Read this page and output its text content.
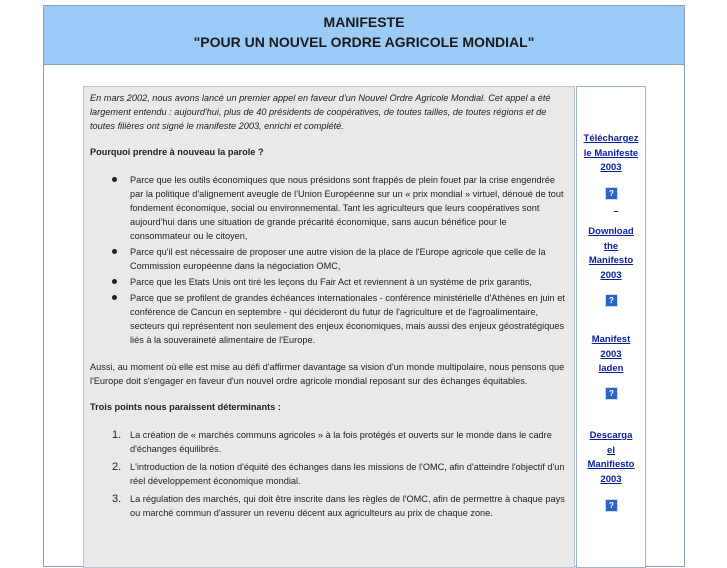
MANIFESTE
"POUR UN NOUVEL ORDRE AGRICOLE MONDIAL"

En mars 2002, nous avons lancé un premier appel en faveur d'un Nouvel Ordre Agricole Mondial. Cet appel a été largement entendu : aujourd'hui, plus de 40 présidents de coopératives, de toutes tailles, de toutes régions et de toutes filières ont signé le manifeste 2003, enrichi et complété.

Pourquoi prendre à nouveau la parole ?

Parce que les outils économiques que nous présidons sont frappés de plein fouet par la crise engendrée par la politique d'alignement aveugle de l'Union Européenne sur un « prix mondial » virtuel, dénoué de tout fondement économique, social ou environnemental. Tant les agriculteurs que leurs coopératives sont aujourd'hui dans une situation de grande précarité économique, sans aucun bénéfice pour le consommateur ou le citoyen,
Parce qu'il est nécessaire de proposer une autre vision de la place de l'Europe agricole que celle de la Commission européenne dans la négociation OMC,
Parce que les Etats Unis ont tiré les leçons du Fair Act et reviennent à un système de prix garantis,
Parce que se profilent de grandes échéances internationales - conférence ministérielle d'Athènes en juin et conférence de Cancun en septembre - qui décideront du futur de l'agriculture et de l'agroalimentaire, secteurs qui représentent non seulement des enjeux économiques, mais aussi des enjeux géostratégiques liés à la souveraineté alimentaire de l'Europe.

Aussi, au moment où elle est mise au défi d'affirmer davantage sa vision d'un monde multipolaire, nous pensons que l'Europe doit s'engager en faveur d'un nouvel ordre agricole mondial reposant sur des échanges équitables.

Trois points nous paraissent déterminants :

1. La création de « marchés communs agricoles » à la fois protégés et ouverts sur le monde dans le cadre d'échanges équilibrés.
2. L'introduction de la notion d'équité des échanges dans les missions de l'OMC, afin d'atteindre l'objectif d'un réel développement économique mondial.
3. La régulation des marchés, qui doit être inscrite dans les règles de l'OMC, afin de permettre à chaque pays ou marché commun d'assurer un revenu décent aux agriculteurs au prix de chaque zone.
Téléchargez
le Manifeste
2003
?
Download
the
Manifesto
2003
?
Manifest
2003
laden
?
Descarga
el
Manifiesto
2003
?
